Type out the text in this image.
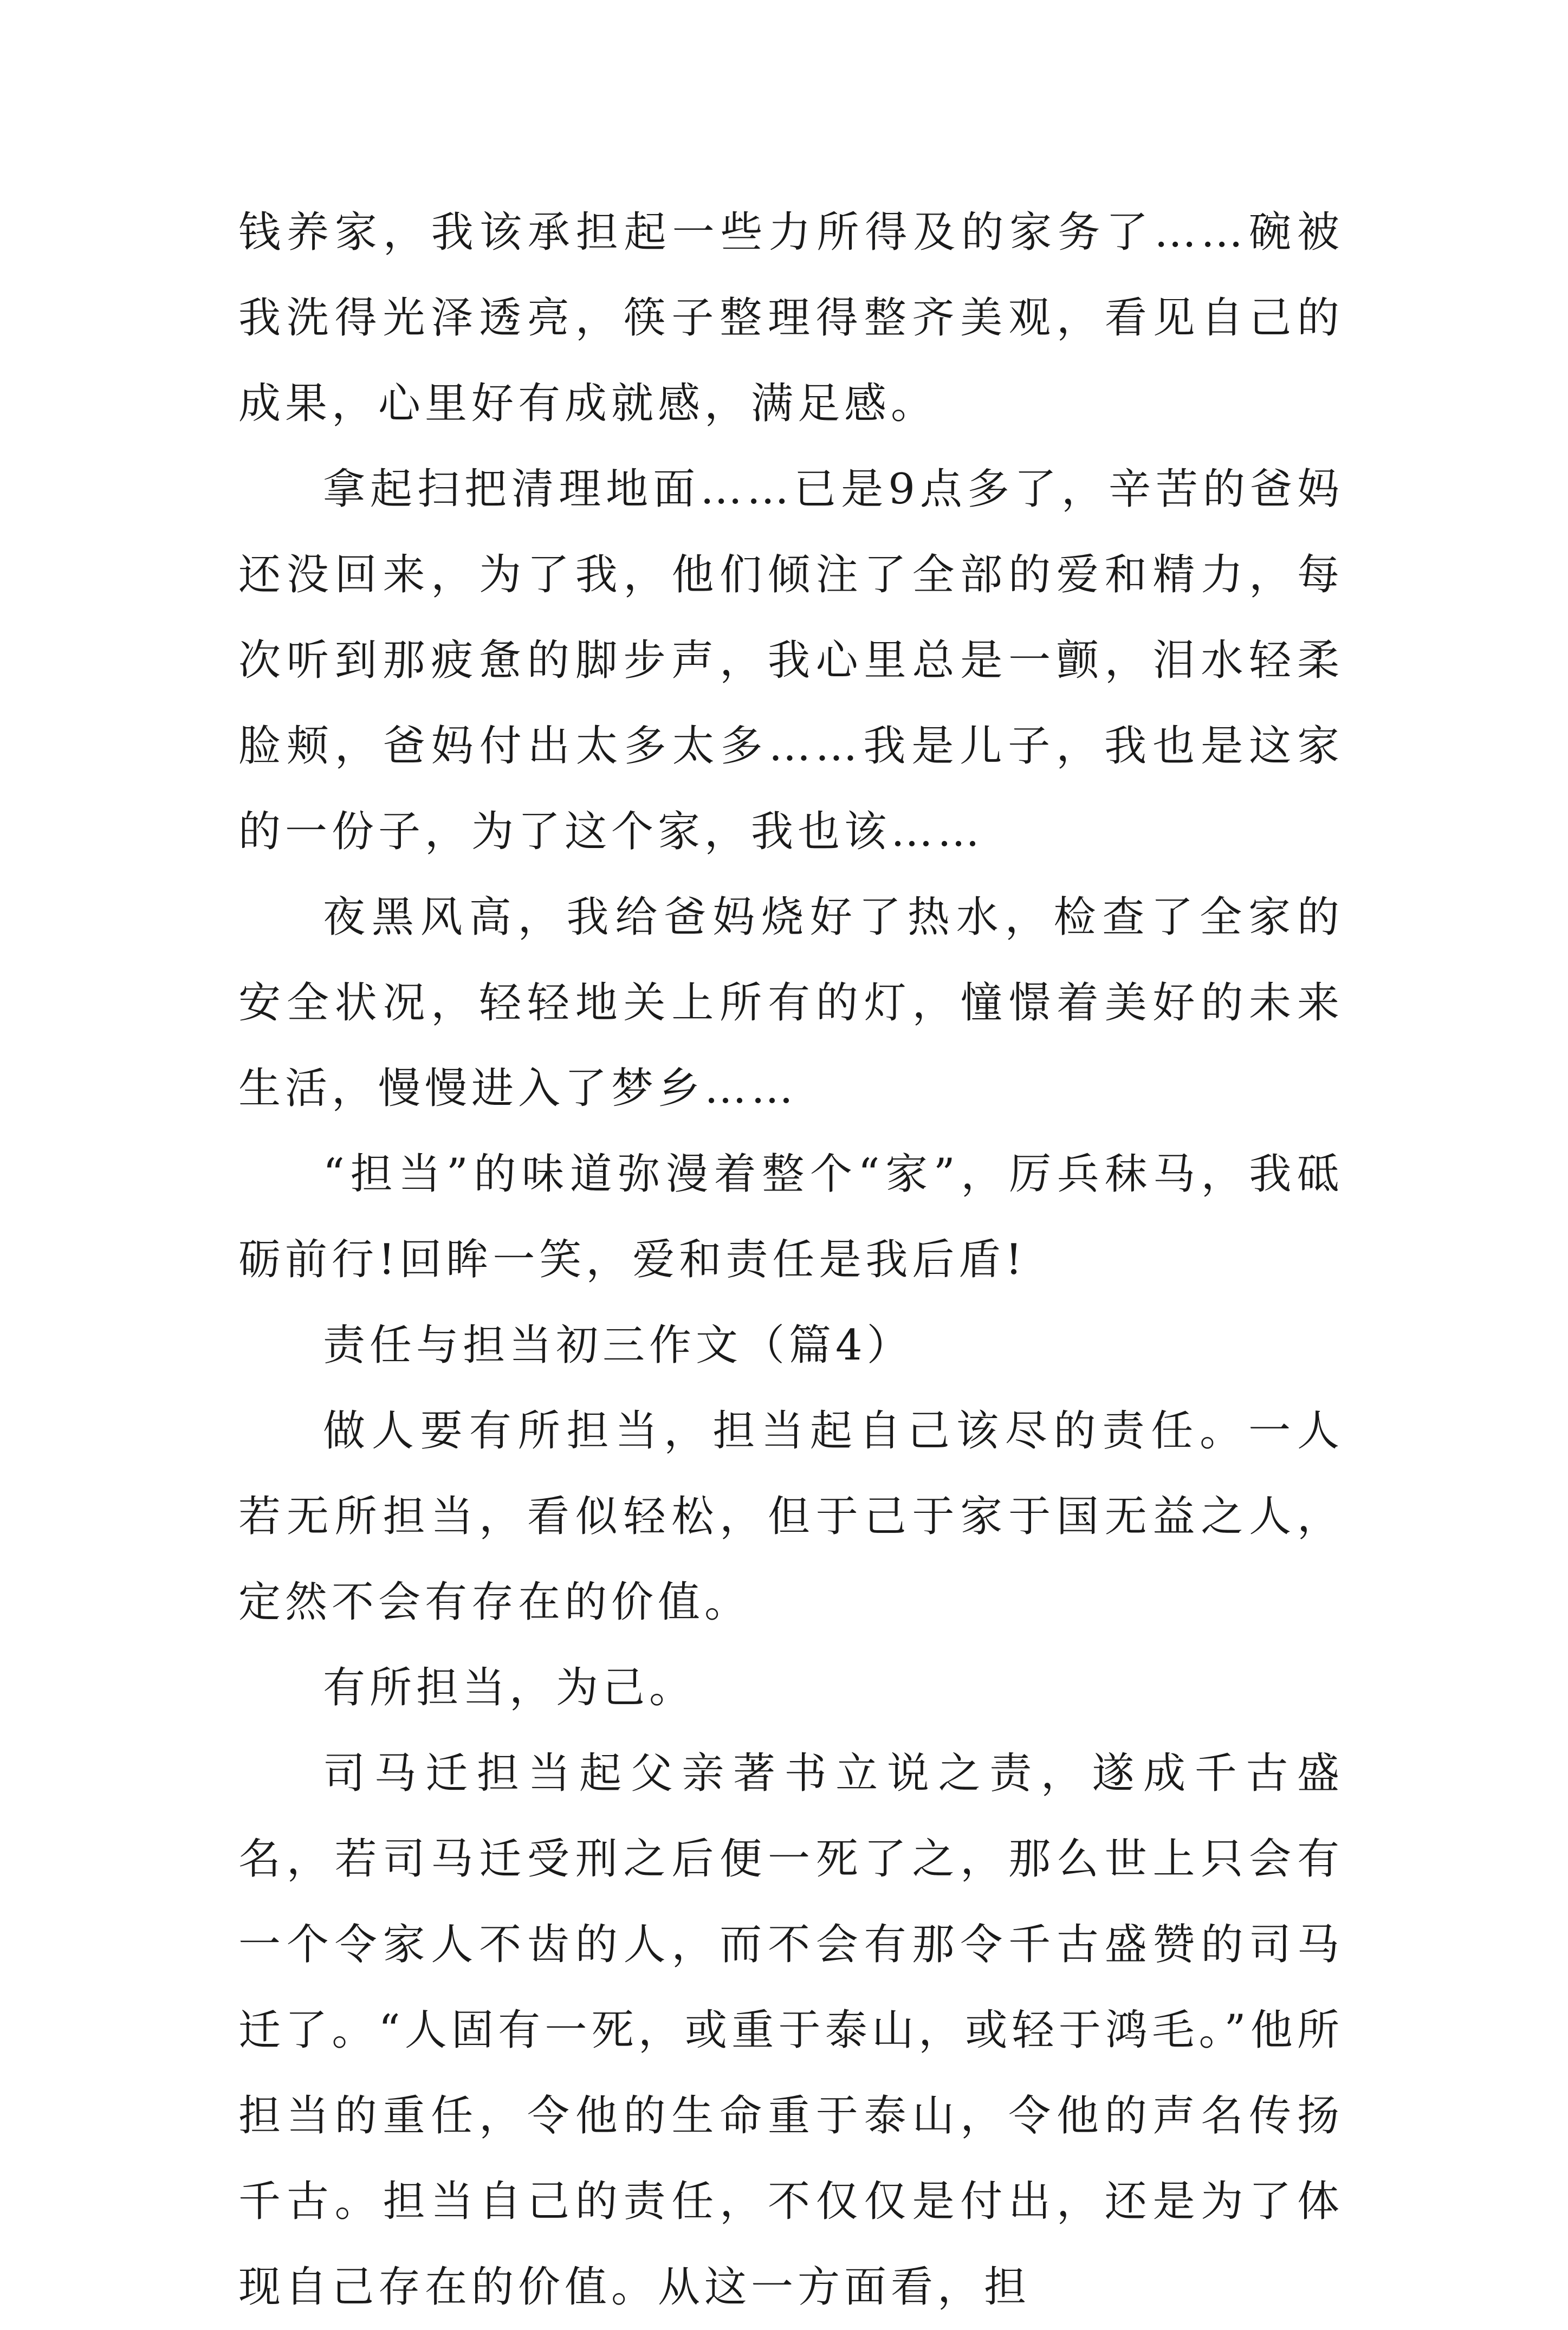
钱养家，我该承担起一些力所得及的家务了……碗被我洗得光泽透亮，筷子整理得整齐美观，看见自己的成果，心里好有成就感，满足感。

拿起扫把清理地面……已是9点多了，辛苦的爸妈还没回来，为了我，他们倾注了全部的爱和精力，每次听到那疲惫的脚步声，我心里总是一颤，泪水轻柔脸颊，爸妈付出太多太多……我是儿子，我也是这家的一份子，为了这个家，我也该……

夜黑风高，我给爸妈烧好了热水，检查了全家的安全状况，轻轻地关上所有的灯，憧憬着美好的未来生活，慢慢进入了梦乡……

“担当”的味道弥漫着整个“家”，厉兵秣马，我砥砺前行!回眸一笑，爱和责任是我后盾!

责任与担当初三作文（篇4）

做人要有所担当，担当起自己该尽的责任。一人若无所担当，看似轻松，但于己于家于国无益之人，定然不会有存在的价值。

有所担当，为己。

司马迁担当起父亲著书立说之责，遂成千古盛名，若司马迁受刑之后便一死了之，那么世上只会有一个令家人不齿的人，而不会有那令千古盛赞的司马迁了。“人固有一死，或重于泰山，或轻于鸿毛。”他所担当的重任，令他的生命重于泰山，令他的声名传扬千古。担当自己的责任，不仅仅是付出，还是为了体现自己存在的价值。从这一方面看，担
